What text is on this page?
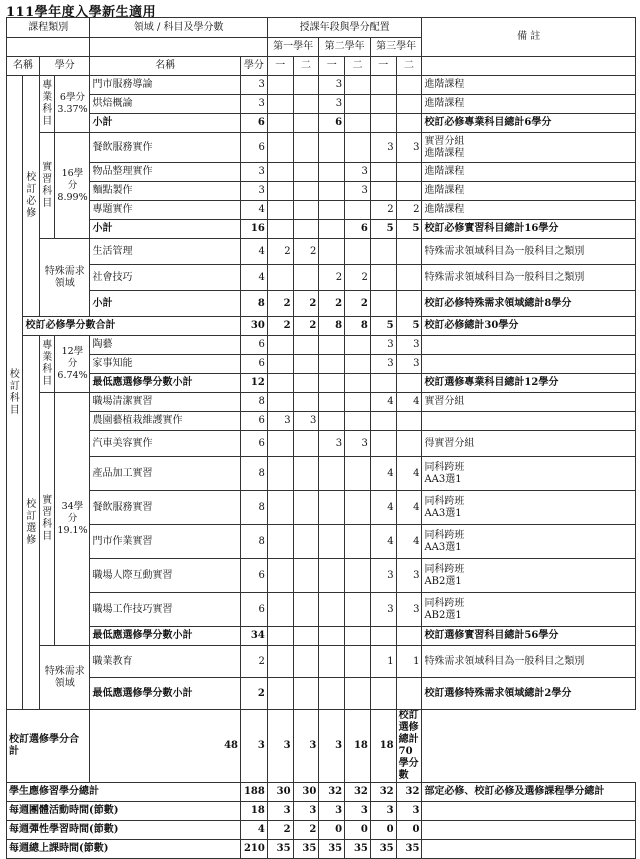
111學年度入學新生適用
課程類別				領域 / 科目及學分數		授課年段與學分配置						備 註
						第一學年		第二學年		第三學年		
名稱		學分		名稱	學分	一	二	一	二	一	二	
校訂科目	校訂必修	專業科目	6學分 3.37%	門市服務導論	3			3				進階課程

				烘焙概論	3			3				進階課程

				小計	6			6				校訂必修專業科目總計6學分

		實習科目	16學分 8.99%	餐飲服務實作	6					3	3	實習分組
進階課程

				物品整理實作	3				3			進階課程

				麵點製作	3				3			進階課程

				專題實作	4					2	2	進階課程

				小計	16				6	5	5	校訂必修實習科目總計16學分

		特殊需求領域		生活管理	4	2	2					特殊需求領域科目為一般科目之類別

				社會技巧	4			2	2			特殊需求領域科目為一般科目之類別

				小計	8	2	2	2	2			校訂必修特殊需求領域總計8學分

	校訂必修學分數合計				30	2	2	8	8	5	5	校訂必修總計30學分

	校訂選修	專業科目	12學分 6.74%	陶藝	6					3	3	
				家事知能	6					3	3	
				最低應選修學分數小計	12							校訂選修專業科目總計12學分

		實習科目	34學分 19.1%	職場清潔實習	8					4	4	實習分組

				農園藝植栽維護實作	6	3	3					
				汽車美容實作	6			3	3			得實習分組

				產品加工實習	8					4	4	同科跨班
AA3選1

				餐飲服務實習	8					4	4	同科跨班
AA3選1

				門市作業實習	8					4	4	同科跨班
AA3選1

				職場人際互動實習	6					3	3	同科跨班
AB2選1

				職場工作技巧實習	6					3	3	同科跨班
AB2選1

				最低應選修學分數小計	34							校訂選修實習科目總計56學分

		特殊需求領域		職業教育	2					1	1	特殊需求領域科目為一般科目之類別

				最低應選修學分數小計	2							校訂選修特殊需求領域總計2學分

校訂選修學分合計				48	3	3	3	3	18	18	校訂選修總計70學分數	

學生應修習學分總計					188	30	30	32	32	32	32	部定必修、校訂必修及選修課程學分總計
每週團體活動時間(節數)					18	3	3	3	3	3	3	
每週彈性學習時間(節數)					4	2	2	0	0	0	0	
每週總上課時間(節數)					210	35	35	35	35	35	35	
